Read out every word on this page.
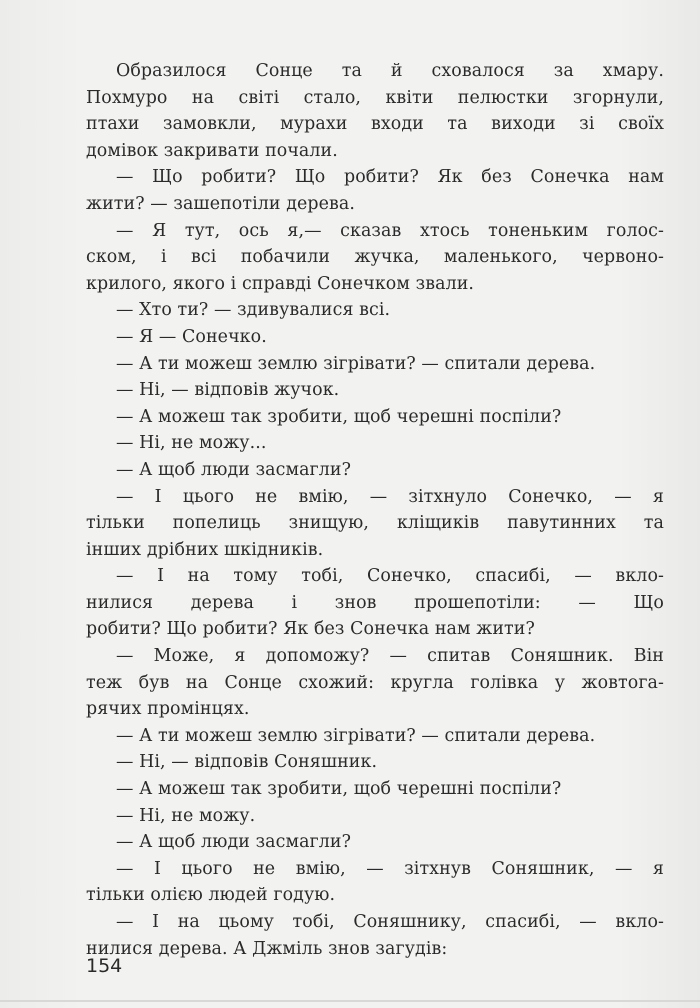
Образилося Сонце та й сховалося за хмару.
Похмуро на світі стало, квіти пелюстки згорнули,
птахи замовкли, мурахи входи та виходи зі своїх
домівок закривати почали.
— Що робити? Що робити? Як без Сонечка нам
жити? — зашепотіли дерева.
— Я тут, ось я,— сказав хтось тоненьким голос-
ском, і всі побачили жучка, маленького, червоно-
крилого, якого і справді Сонечком звали.
— Хто ти? — здивувалися всі.
— Я — Сонечко.
— А ти можеш землю зігрівати? — спитали дерева.
— Ні, — відповів жучок.
— А можеш так зробити, щоб черешні поспіли?
— Ні, не можу...
— А щоб люди засмагли?
— І цього не вмію, — зітхнуло Сонечко, — я
тільки попелиць знищую, кліщиків павутинних та
інших дрібних шкідників.
— І на тому тобі, Сонечко, спасибі, — вкло-
нилися дерева і знов прошепотіли: — Що
робити? Що робити? Як без Сонечка нам жити?
— Може, я допоможу? — спитав Соняшник. Він
теж був на Сонце схожий: кругла голівка у жовтога-
рячих промінцях.
— А ти можеш землю зігрівати? — спитали дерева.
— Ні, — відповів Соняшник.
— А можеш так зробити, щоб черешні поспіли?
— Ні, не можу.
— А щоб люди засмагли?
— І цього не вмію, — зітхнув Соняшник, — я
тільки олією людей годую.
— І на цьому тобі, Соняшнику, спасибі, — вкло-
нилися дерева. А Джміль знов загудів:
154
